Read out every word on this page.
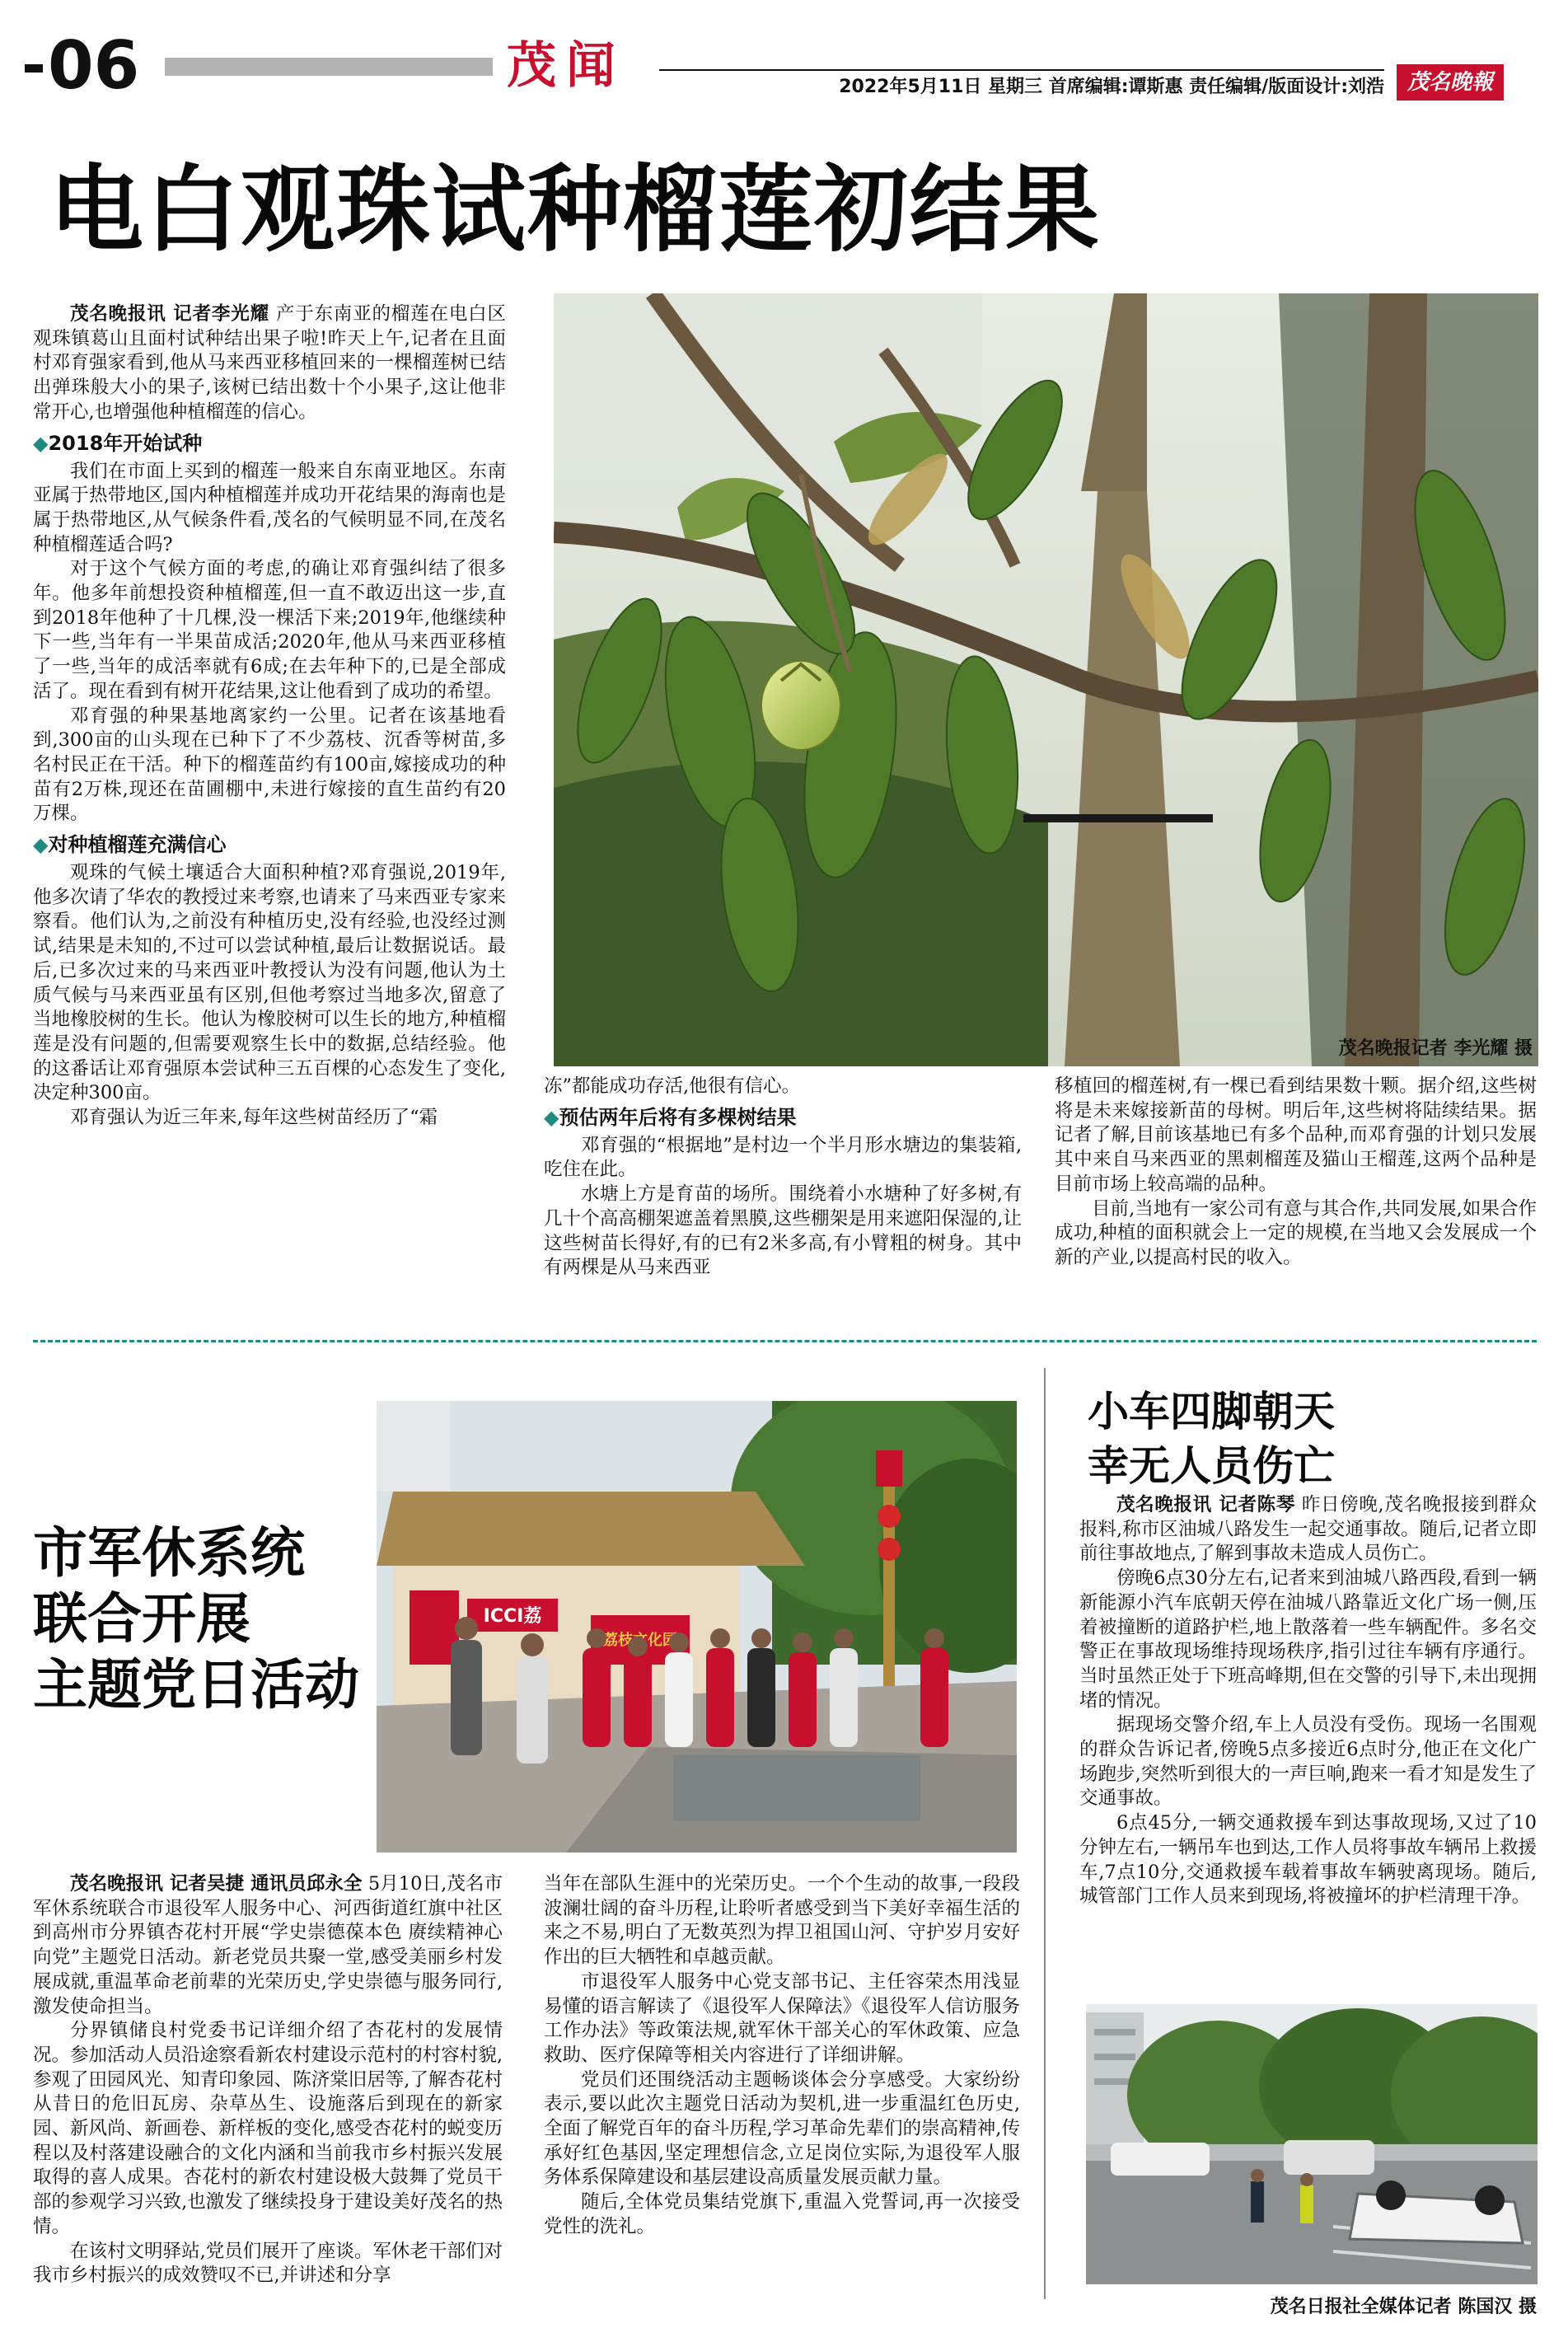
06	茂闻	2022年5月11日 星期三 首席编辑:谭斯惠 责任编辑/版面设计:刘浩	茂名晚報
电白观珠试种榴莲初结果

茂名晚报讯 记者李光耀 产于东南亚的榴莲在电白区观珠镇葛山且面村试种结出果子啦!昨天上午,记者在且面村邓育强家看到,他从马来西亚移植回来的一棵榴莲树已结出弹珠般大小的果子,该树已结出数十个小果子,这让他非常开心,也增强他种植榴莲的信心。

◆2018年开始试种

我们在市面上买到的榴莲一般来自东南亚地区。东南亚属于热带地区,国内种植榴莲并成功开花结果的海南也是属于热带地区,从气候条件看,茂名的气候明显不同,在茂名种植榴莲适合吗?

对于这个气候方面的考虑,的确让邓育强纠结了很多年。他多年前想投资种植榴莲,但一直不敢迈出这一步,直到2018年他种了十几棵,没一棵活下来;2019年,他继续种下一些,当年有一半果苗成活;2020年,他从马来西亚移植了一些,当年的成活率就有6成;在去年种下的,已是全部成活了。现在看到有树开花结果,这让他看到了成功的希望。

邓育强的种果基地离家约一公里。记者在该基地看到,300亩的山头现在已种下了不少荔枝、沉香等树苗,多名村民正在干活。种下的榴莲苗约有100亩,嫁接成功的种苗有2万株,现还在苗圃棚中,未进行嫁接的直生苗约有20万棵。

◆对种植榴莲充满信心

观珠的气候土壤适合大面积种植?邓育强说,2019年,他多次请了华农的教授过来考察,也请来了马来西亚专家来察看。他们认为,之前没有种植历史,没有经验,也没经过测试,结果是未知的,不过可以尝试种植,最后让数据说话。最后,已多次过来的马来西亚叶教授认为没有问题,他认为土质气候与马来西亚虽有区别,但他考察过当地多次,留意了当地橡胶树的生长。他认为橡胶树可以生长的地方,种植榴莲是没有问题的,但需要观察生长中的数据,总结经验。他的这番话让邓育强原本尝试种三五百棵的心态发生了变化,决定种300亩。

邓育强认为近三年来,每年这些树苗经历了“霜

茂名晚报记者 李光耀 摄

冻”都能成功存活,他很有信心。

◆预估两年后将有多棵树结果

邓育强的“根据地”是村边一个半月形水塘边的集装箱,吃住在此。

水塘上方是育苗的场所。围绕着小水塘种了好多树,有几十个高高棚架遮盖着黑膜,这些棚架是用来遮阳保湿的,让这些树苗长得好,有的已有2米多高,有小臂粗的树身。其中有两棵是从马来西亚

移植回的榴莲树,有一棵已看到结果数十颗。据介绍,这些树将是未来嫁接新苗的母树。明后年,这些树将陆续结果。据记者了解,目前该基地已有多个品种,而邓育强的计划只发展其中来自马来西亚的黑刺榴莲及猫山王榴莲,这两个品种是目前市场上较高端的品种。

目前,当地有一家公司有意与其合作,共同发展,如果合作成功,种植的面积就会上一定的规模,在当地又会发展成一个新的产业,以提高村民的收入。

市军休系统
联合开展
主题党日活动
ICCI荔

茂名晚报讯 记者吴捷 通讯员邱永全 5月10日,茂名市军休系统联合市退役军人服务中心、河西街道红旗中社区到高州市分界镇杏花村开展“学史崇德葆本色 赓续精神心向党”主题党日活动。新老党员共聚一堂,感受美丽乡村发展成就,重温革命老前辈的光荣历史,学史崇德与服务同行,激发使命担当。

分界镇储良村党委书记详细介绍了杏花村的发展情况。参加活动人员沿途察看新农村建设示范村的村容村貌,参观了田园风光、知青印象园、陈济棠旧居等,了解杏花村从昔日的危旧瓦房、杂草丛生、设施落后到现在的新家园、新风尚、新画卷、新样板的变化,感受杏花村的蜕变历程以及村落建设融合的文化内涵和当前我市乡村振兴发展取得的喜人成果。杏花村的新农村建设极大鼓舞了党员干部的参观学习兴致,也激发了继续投身于建设美好茂名的热情。

在该村文明驿站,党员们展开了座谈。军休老干部们对我市乡村振兴的成效赞叹不已,并讲述和分享

当年在部队生涯中的光荣历史。一个个生动的故事,一段段波澜壮阔的奋斗历程,让聆听者感受到当下美好幸福生活的来之不易,明白了无数英烈为捍卫祖国山河、守护岁月安好作出的巨大牺牲和卓越贡献。

市退役军人服务中心党支部书记、主任容荣杰用浅显易懂的语言解读了《退役军人保障法》《退役军人信访服务工作办法》等政策法规,就军休干部关心的军休政策、应急救助、医疗保障等相关内容进行了详细讲解。

党员们还围绕活动主题畅谈体会分享感受。大家纷纷表示,要以此次主题党日活动为契机,进一步重温红色历史,全面了解党百年的奋斗历程,学习革命先辈们的崇高精神,传承好红色基因,坚定理想信念,立足岗位实际,为退役军人服务体系保障建设和基层建设高质量发展贡献力量。

随后,全体党员集结党旗下,重温入党誓词,再一次接受党性的洗礼。

小车四脚朝天
幸无人员伤亡

茂名晚报讯 记者陈琴 昨日傍晚,茂名晚报接到群众报料,称市区油城八路发生一起交通事故。随后,记者立即前往事故地点,了解到事故未造成人员伤亡。

傍晚6点30分左右,记者来到油城八路西段,看到一辆新能源小汽车底朝天停在油城八路靠近文化广场一侧,压着被撞断的道路护栏,地上散落着一些车辆配件。多名交警正在事故现场维持现场秩序,指引过往车辆有序通行。当时虽然正处于下班高峰期,但在交警的引导下,未出现拥堵的情况。

据现场交警介绍,车上人员没有受伤。现场一名围观的群众告诉记者,傍晚5点多接近6点时分,他正在文化广场跑步,突然听到很大的一声巨响,跑来一看才知是发生了交通事故。

6点45分,一辆交通救援车到达事故现场,又过了10分钟左右,一辆吊车也到达,工作人员将事故车辆吊上救援车,7点10分,交通救援车载着事故车辆驶离现场。随后,城管部门工作人员来到现场,将被撞坏的护栏清理干净。

茂名日报社全媒体记者 陈国汉 摄
